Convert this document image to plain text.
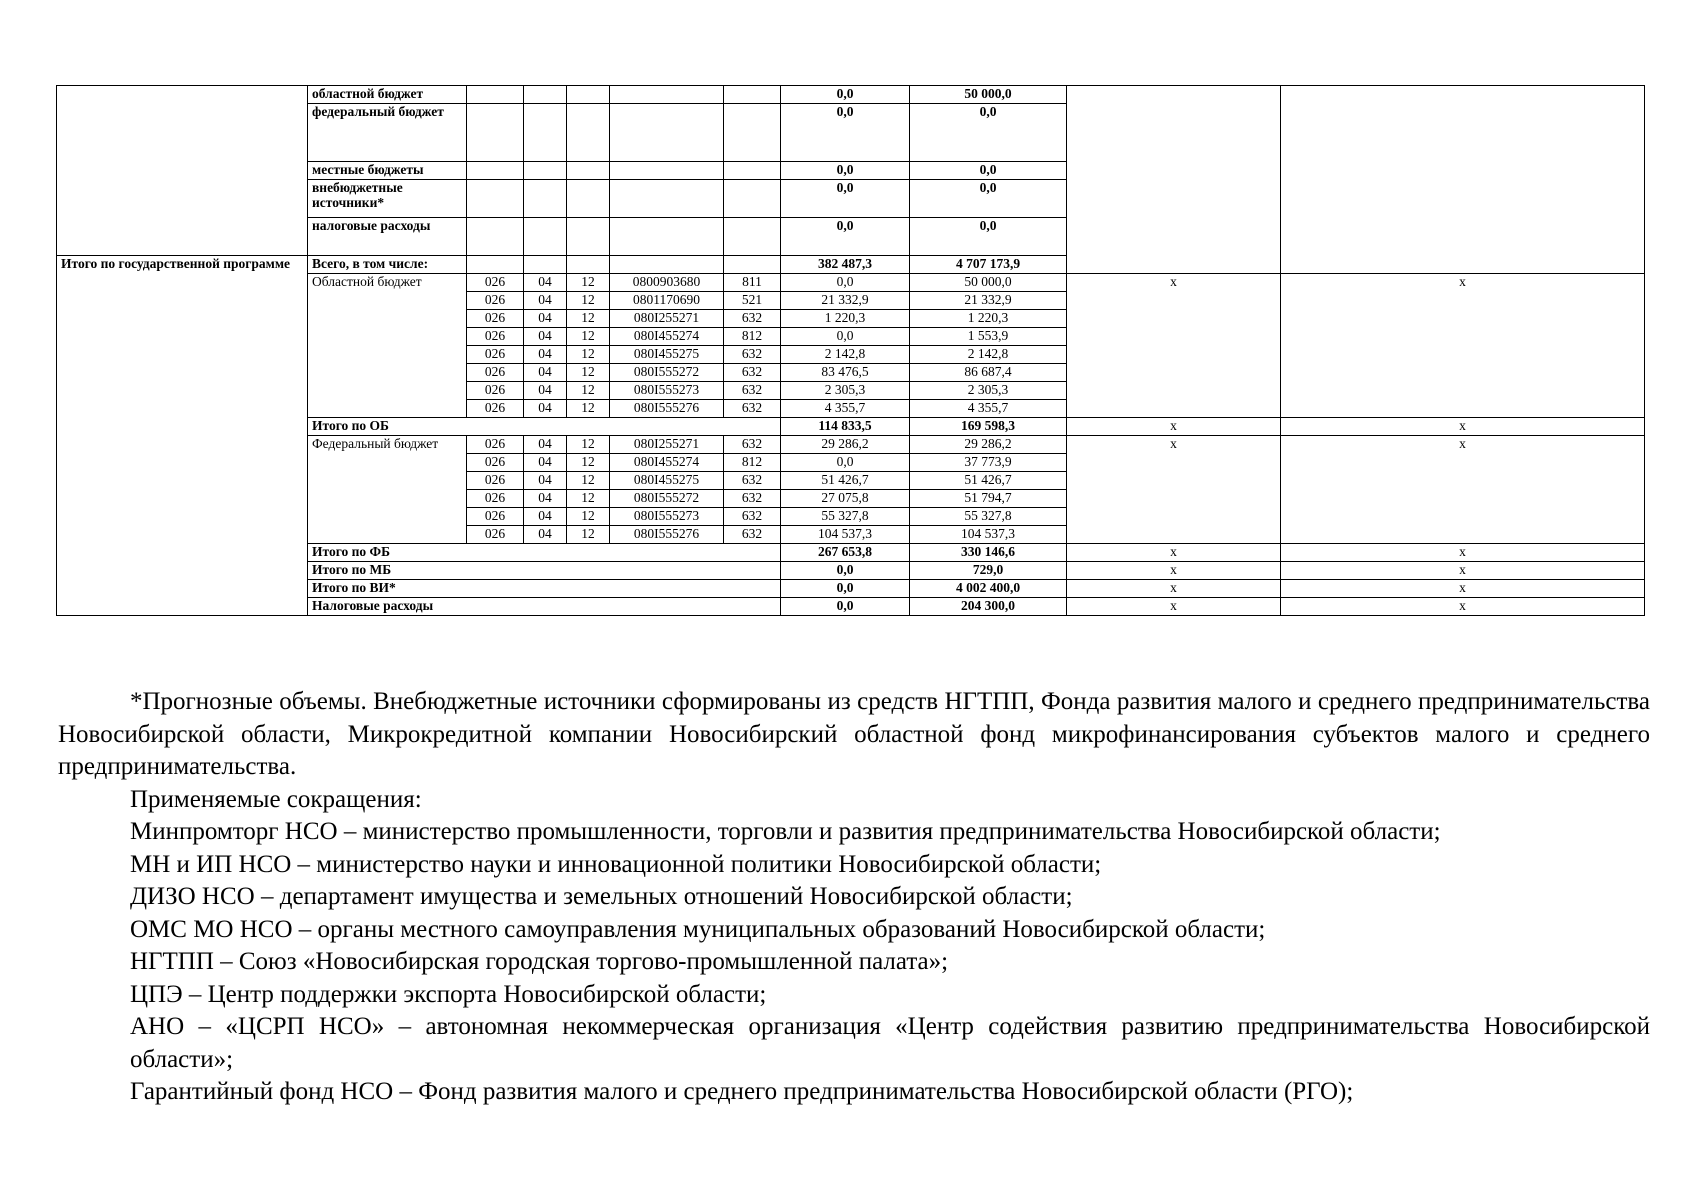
	областной бюджет						0,0	50 000,0		
	федеральный бюджет						0,0	0,0		
	местные бюджеты						0,0	0,0		
	внебюджетные источники*						0,0	0,0		
	налоговые расходы						0,0	0,0		
Итого по государственной программе	Всего, в том числе:						382 487,3	4 707 173,9		
	Областной бюджет	026	04	12	0800903680	811	0,0	50 000,0	x	x
		026	04	12	0801170690	521	21 332,9	21 332,9		
		026	04	12	080I255271	632	1 220,3	1 220,3		
		026	04	12	080I455274	812	0,0	1 553,9		
		026	04	12	080I455275	632	2 142,8	2 142,8		
		026	04	12	080I555272	632	83 476,5	86 687,4		
		026	04	12	080I555273	632	2 305,3	2 305,3		
		026	04	12	080I555276	632	4 355,7	4 355,7		
	Итого по ОБ						114 833,5	169 598,3	x	x
	Федеральный бюджет	026	04	12	080I255271	632	29 286,2	29 286,2	x	x
		026	04	12	080I455274	812	0,0	37 773,9		
		026	04	12	080I455275	632	51 426,7	51 426,7		
		026	04	12	080I555272	632	27 075,8	51 794,7		
		026	04	12	080I555273	632	55 327,8	55 327,8		
		026	04	12	080I555276	632	104 537,3	104 537,3		
	Итого по ФБ						267 653,8	330 146,6	x	x
	Итого по МБ						0,0	729,0	x	x
	Итого по ВИ*						0,0	4 002 400,0	x	x
	Налоговые расходы						0,0	204 300,0	x	x

*Прогнозные объемы. Внебюджетные источники сформированы из средств НГТПП, Фонда развития малого и среднего предпринимательства Новосибирской области, Микрокредитной компании Новосибирский областной фонд микрофинансирования субъектов малого и среднего предпринимательства.

Применяемые сокращения:

Минпромторг НСО – министерство промышленности, торговли и развития предпринимательства Новосибирской области;

МН и ИП НСО – министерство науки и инновационной политики Новосибирской области;

ДИЗО НСО – департамент имущества и земельных отношений Новосибирской области;

ОМС МО НСО – органы местного самоуправления муниципальных образований Новосибирской области;

НГТПП – Союз «Новосибирская городская торгово-промышленной палата»;

ЦПЭ – Центр поддержки экспорта Новосибирской области;

АНО – «ЦСРП НСО» – автономная некоммерческая организация «Центр содействия развитию предпринимательства Новосибирской области»;

Гарантийный фонд НСО – Фонд развития малого и среднего предпринимательства Новосибирской области (РГО);
